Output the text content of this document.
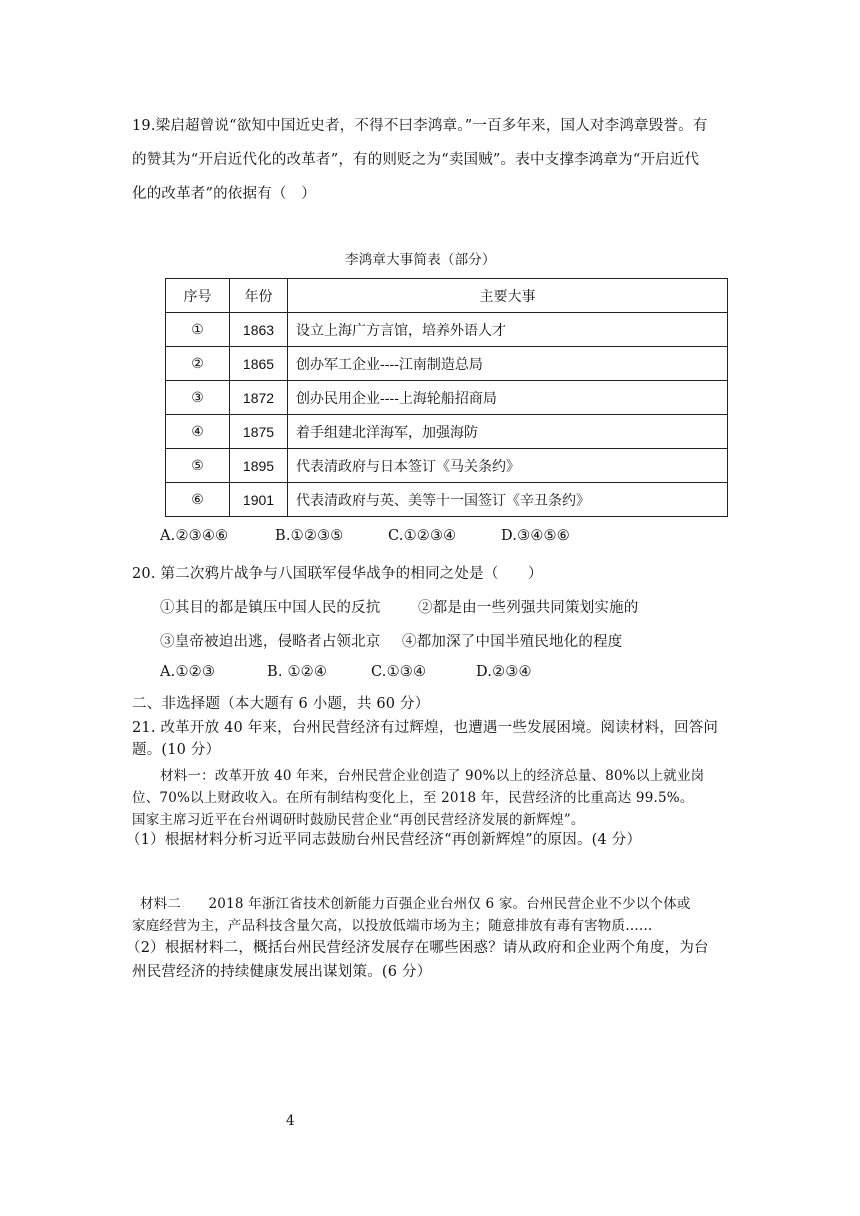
19.梁启超曾说“欲知中国近史者，不得不曰李鸿章。”一百多年来，国人对李鸿章毁誉。有
的赞其为“开启近代化的改革者”，有的则贬之为“卖国贼”。表中支撑李鸿章为“开启近代
化的改革者”的依据有（　）
李鸿章大事简表（部分）
序号	年份	主要大事
①	1863	设立上海广方言馆，培养外语人才
②	1865	创办军工企业----江南制造总局
③	1872	创办民用企业----上海轮船招商局
④	1875	着手组建北洋海军，加强海防
⑤	1895	代表清政府与日本签订《马关条约》
⑥	1901	代表清政府与英、美等十一国签订《辛丑条约》
A.②③④⑥	B.①②③⑤	C.①②③④	D.③④⑤⑥
20. 第二次鸦片战争与八国联军侵华战争的相同之处是（　　）
①其目的都是镇压中国人民的反抗	②都是由一些列强共同策划实施的
③皇帝被迫出逃，侵略者占领北京 ④都加深了中国半殖民地化的程度
A.①②③	B. ①②④	C.①③④	D.②③④
二、非选择题（本大题有 6 小题，共 60 分）
21. 改革开放 40 年来，台州民营经济有过辉煌，也遭遇一些发展困境。阅读材料，回答问
题。(10 分）
材料一：改革开放 40 年来，台州民营企业创造了 90%以上的经济总量、80%以上就业岗
位、70%以上财政收入。在所有制结构变化上，至 2018 年，民营经济的比重高达 99.5%。
国家主席习近平在台州调研时鼓励民营企业“再创民营经济发展的新辉煌”。
（1）根据材料分析习近平同志鼓励台州民营经济“再创新辉煌”的原因。(4 分）
材料二　　2018 年浙江省技术创新能力百强企业台州仅 6 家。台州民营企业不少以个体或
家庭经营为主，产品科技含量欠高，以投放低端市场为主；随意排放有毒有害物质……
（2）根据材料二，概括台州民营经济发展存在哪些困惑？请从政府和企业两个角度，为台
州民营经济的持续健康发展出谋划策。(6 分）
4
